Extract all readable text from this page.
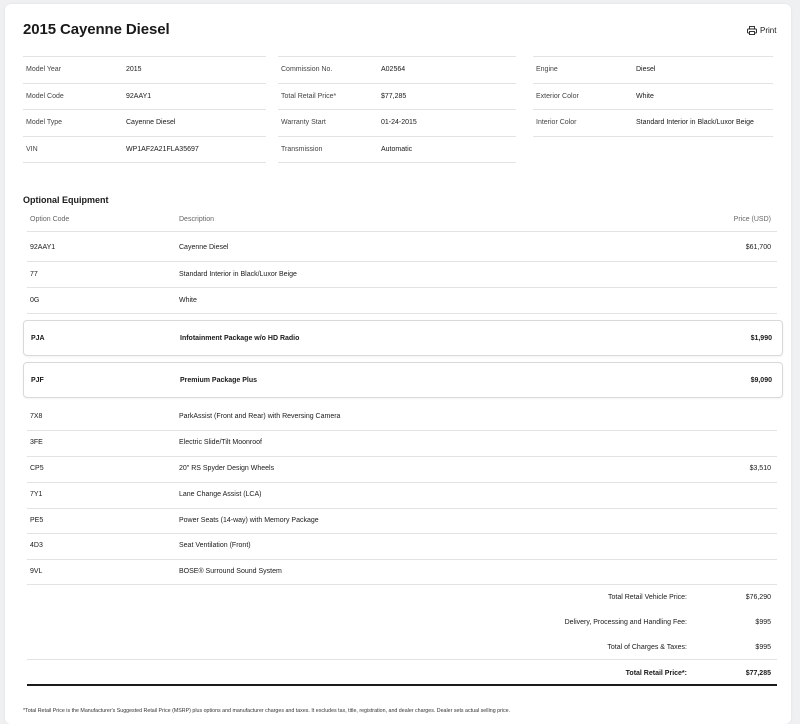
2015 Cayenne Diesel	Print
Model Year	2015
Model Code	92AAY1
Model Type	Cayenne Diesel
VIN	WP1AF2A21FLA35697
Commission No.	A02564
Total Retail Price*	$77,285
Warranty Start	01-24-2015
Transmission	Automatic
Engine	Diesel
Exterior Color	White
Interior Color	Standard Interior in Black/Luxor Beige
Optional Equipment
Option Code	Description	Price (USD)
92AAY1	Cayenne Diesel	$61,700
77	Standard Interior in Black/Luxor Beige
0G	White
PJA	Infotainment Package w/o HD Radio	$1,990
PJF	Premium Package Plus	$9,090
7X8	ParkAssist (Front and Rear) with Reversing Camera
3FE	Electric Slide/Tilt Moonroof
CP5	20" RS Spyder Design Wheels	$3,510
7Y1	Lane Change Assist (LCA)
PE5	Power Seats (14-way) with Memory Package
4D3	Seat Ventilation (Front)
9VL	BOSE® Surround Sound System
Total Retail Vehicle Price:	$76,290
Delivery, Processing and Handling Fee:	$995
Total of Charges & Taxes:	$995
Total Retail Price*:	$77,285
*Total Retail Price is the Manufacturer's Suggested Retail Price (MSRP) plus options and manufacturer charges and taxes. It excludes tax, title, registration, and dealer charges. Dealer sets actual selling price.
